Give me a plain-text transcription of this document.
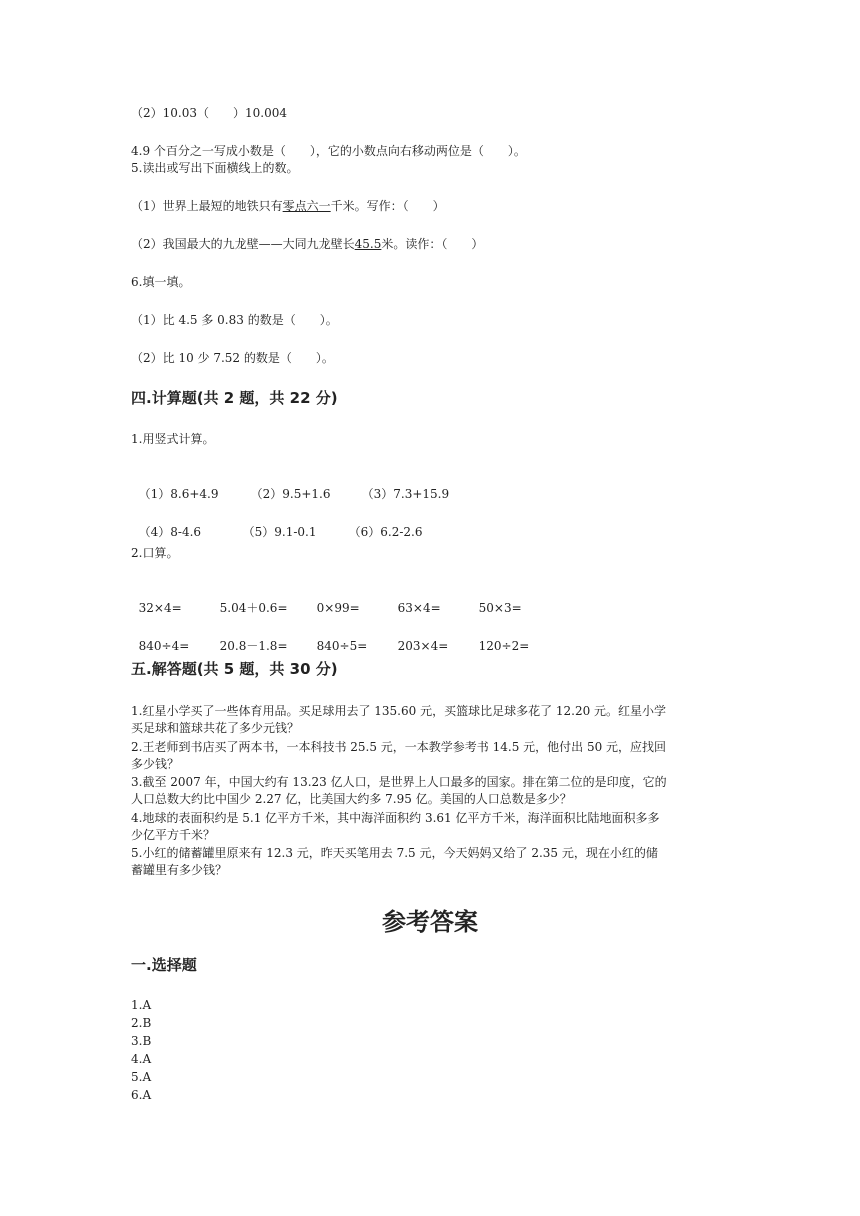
（2）10.03（　　）10.004
4.9 个百分之一写成小数是（　　），它的小数点向右移动两位是（　　）。
5.读出或写出下面横线上的数。
（1）世界上最短的地铁只有零点六一千米。写作：（　　）
（2）我国最大的九龙壁——大同九龙壁长45.5米。读作：（　　）
6.填一填。
（1）比 4.5 多 0.83 的数是（　　）。
（2）比 10 少 7.52 的数是（　　）。
四.计算题(共 2 题，共 22 分)
1.用竖式计算。

（1）8.6+4.9	（2）9.5+1.6	（3）7.3+15.9

（4）8-4.6	（5）9.1-0.1	（6）6.2-2.6

2.口算。

32×4=	5.04＋0.6= 0×99=	63×4=	50×3=

840÷4=	20.8－1.8= 840÷5=	203×4=	120÷2=

五.解答题(共 5 题，共 30 分)
1.红星小学买了一些体育用品。买足球用去了 135.60 元，买篮球比足球多花了 12.20 元。红星小学
买足球和篮球共花了多少元钱？
2.王老师到书店买了两本书，一本科技书 25.5 元，一本教学参考书 14.5 元，他付出 50 元，应找回
多少钱？
3.截至 2007 年，中国大约有 13.23 亿人口，是世界上人口最多的国家。排在第二位的是印度，它的
人口总数大约比中国少 2.27 亿，比美国大约多 7.95 亿。美国的人口总数是多少？
4.地球的表面积约是 5.1 亿平方千米，其中海洋面积约 3.61 亿平方千米，海洋面积比陆地面积多多
少亿平方千米？
5.小红的储蓄罐里原来有 12.3 元，昨天买笔用去 7.5 元，今天妈妈又给了 2.35 元，现在小红的储
蓄罐里有多少钱？
参考答案
一.选择题
1.A
2.B
3.B
4.A
5.A
6.A
